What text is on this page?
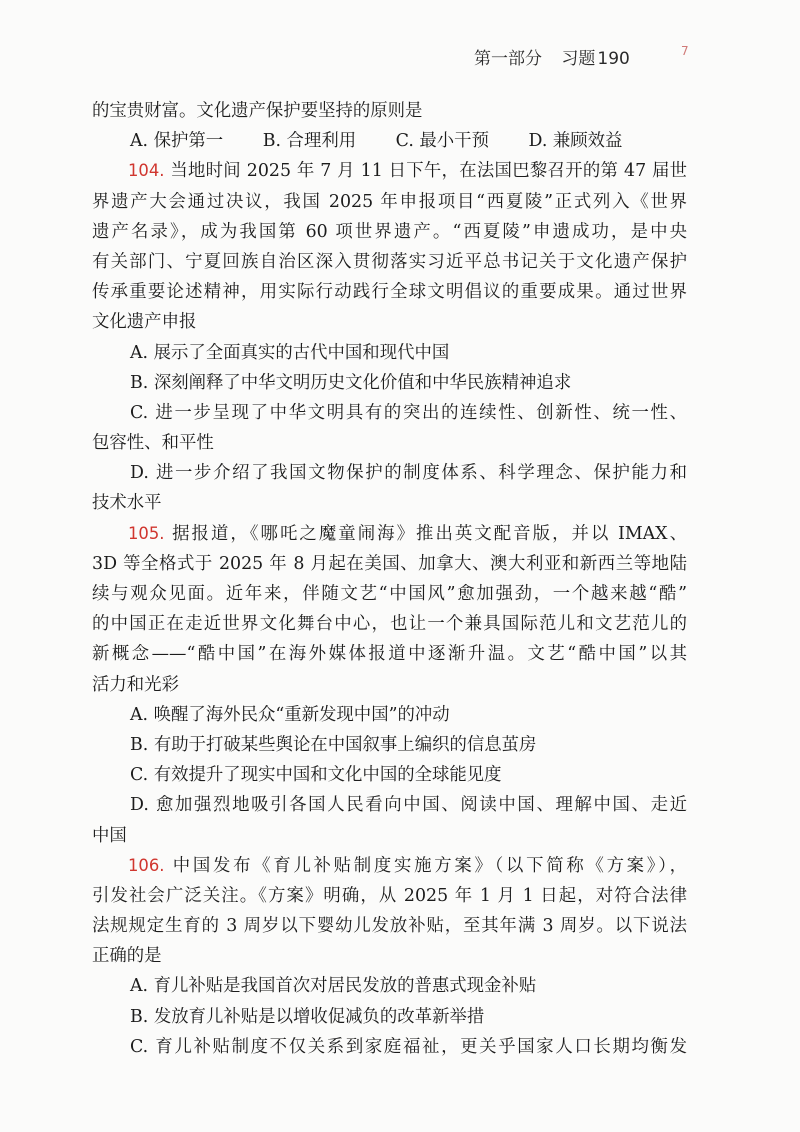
第一部分 习题 190	7
的宝贵财富。文化遗产保护要坚持的原则是
A. 保护第一 B. 合理利用 C. 最小干预 D. 兼顾效益
104. 当地时间 2025 年 7 月 11 日下午，在法国巴黎召开的第 47 届世
界遗产大会通过决议，我国 2025 年申报项目“西夏陵”正式列入《世界
遗产名录》，成为我国第 60 项世界遗产。“西夏陵”申遗成功，是中央
有关部门、宁夏回族自治区深入贯彻落实习近平总书记关于文化遗产保护
传承重要论述精神，用实际行动践行全球文明倡议的重要成果。通过世界
文化遗产申报
A. 展示了全面真实的古代中国和现代中国
B. 深刻阐释了中华文明历史文化价值和中华民族精神追求
C. 进一步呈现了中华文明具有的突出的连续性、创新性、统一性、
包容性、和平性
D. 进一步介绍了我国文物保护的制度体系、科学理念、保护能力和
技术水平
105. 据报道，《哪吒之魔童闹海》推出英文配音版，并以 IMAX、
3D 等全格式于 2025 年 8 月起在美国、加拿大、澳大利亚和新西兰等地陆
续与观众见面。近年来，伴随文艺“中国风”愈加强劲，一个越来越“酷”
的中国正在走近世界文化舞台中心，也让一个兼具国际范儿和文艺范儿的
新概念——“酷中国”在海外媒体报道中逐渐升温。文艺“酷中国”以其
活力和光彩
A. 唤醒了海外民众“重新发现中国”的冲动
B. 有助于打破某些舆论在中国叙事上编织的信息茧房
C. 有效提升了现实中国和文化中国的全球能见度
D. 愈加强烈地吸引各国人民看向中国、阅读中国、理解中国、走近
中国
106. 中国发布《育儿补贴制度实施方案》（以下简称《方案》），
引发社会广泛关注。《方案》明确，从 2025 年 1 月 1 日起，对符合法律
法规规定生育的 3 周岁以下婴幼儿发放补贴，至其年满 3 周岁。以下说法
正确的是
A. 育儿补贴是我国首次对居民发放的普惠式现金补贴
B. 发放育儿补贴是以增收促减负的改革新举措
C. 育儿补贴制度不仅关系到家庭福祉，更关乎国家人口长期均衡发
